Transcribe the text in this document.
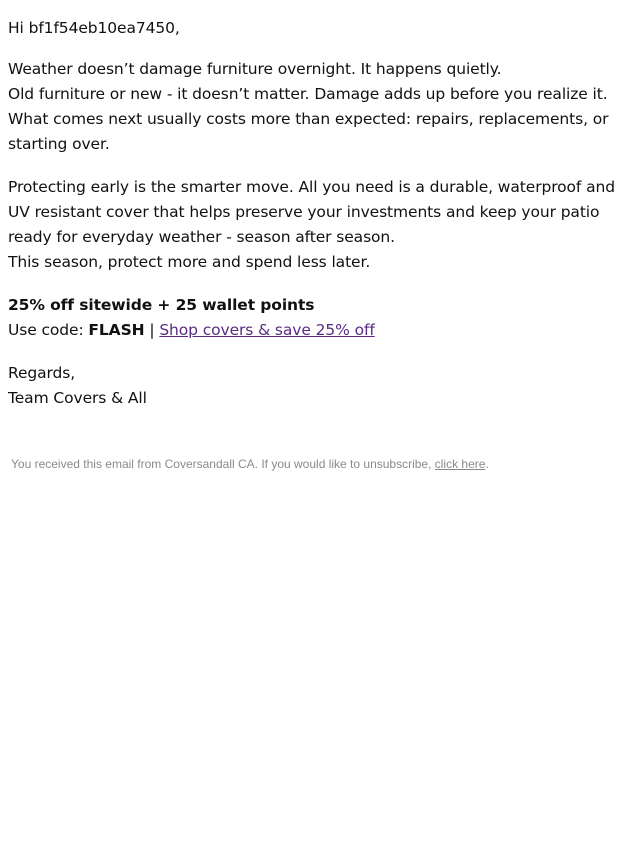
Hi bf1f54eb10ea7450,

Weather doesn’t damage furniture overnight. It happens quietly.

Old furniture or new - it doesn’t matter. Damage adds up before you realize it. What comes next usually costs more than expected: repairs, replacements, or starting over.

Protecting early is the smarter move. All you need is a durable, waterproof and UV resistant cover that helps preserve your investments and keep your patio ready for everyday weather - season after season.

This season, protect more and spend less later.

25% off sitewide + 25 wallet points

Use code: FLASH | Shop covers & save 25% off

Regards,

Team Covers & All

You received this email from Coversandall CA. If you would like to unsubscribe, click here.
